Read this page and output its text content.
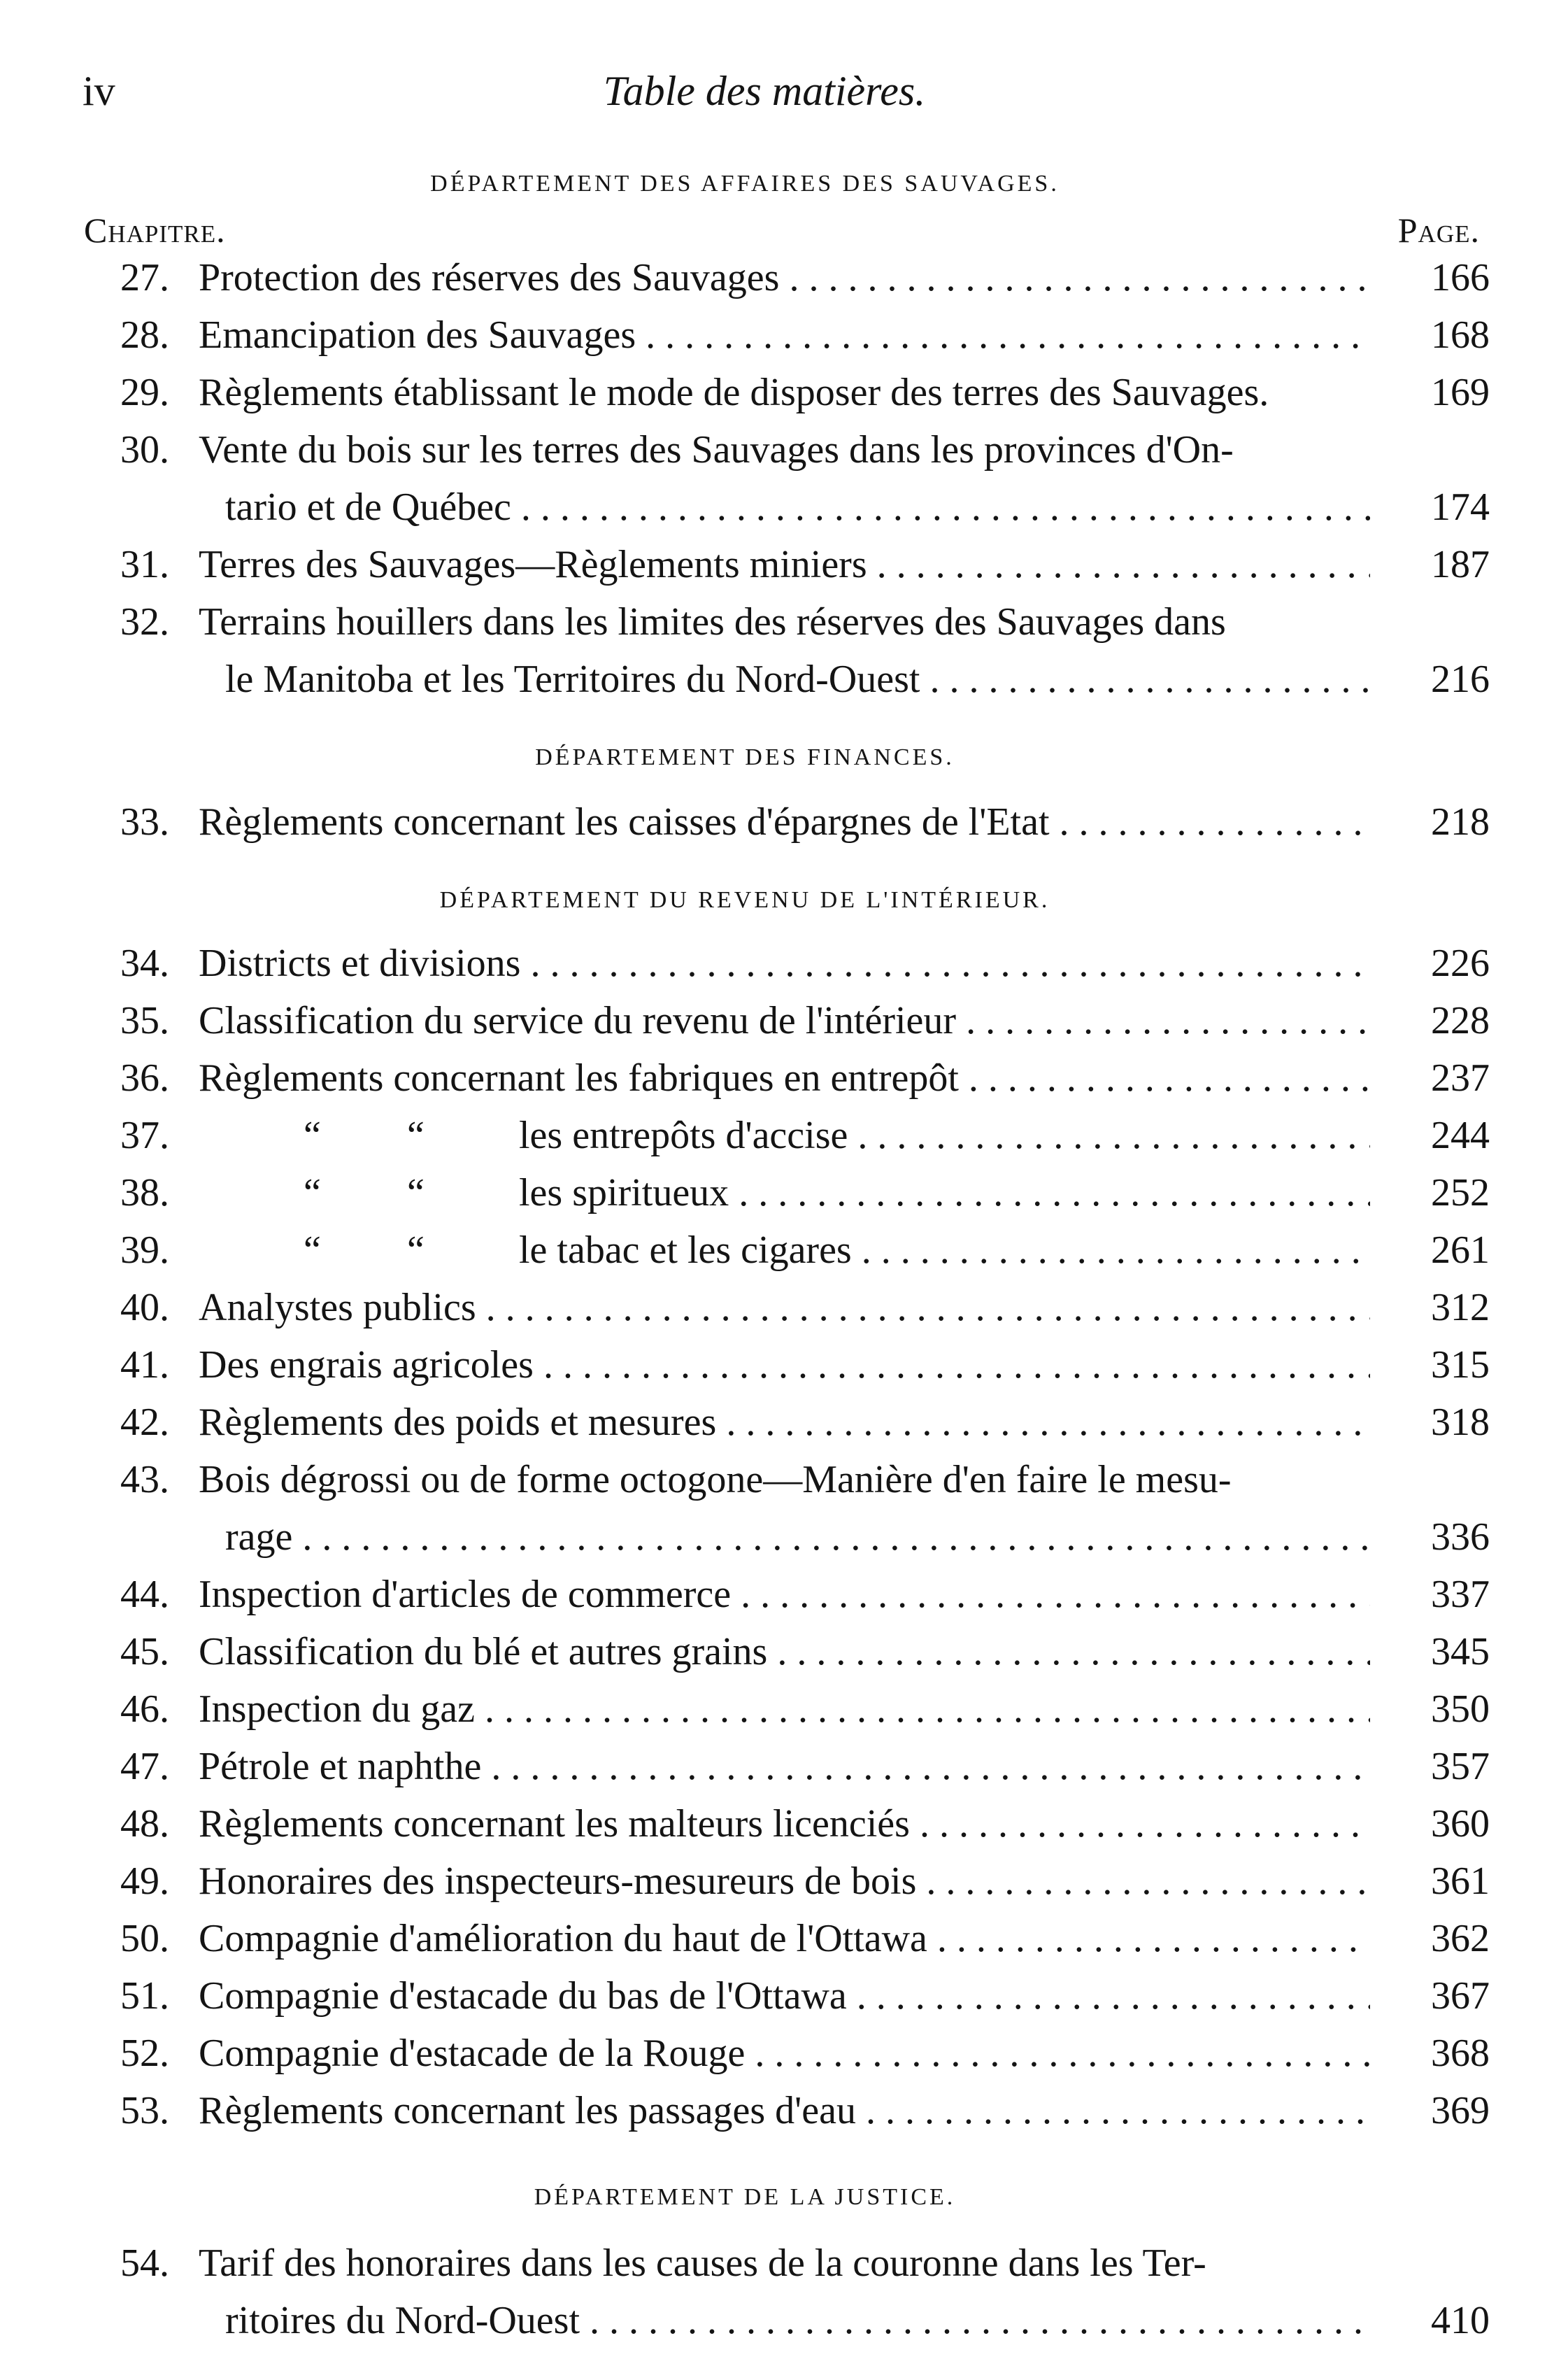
iv	Table des matières.
DÉPARTEMENT DES AFFAIRES DES SAUVAGES.
Chapitre.	Page.
27. Protection des réserves des Sauvages . . .	166
28. Emancipation des Sauvages . . .	168
29. Règlements établissant le mode de disposer des terres des Sauvages.	169
30. Vente du bois sur les terres des Sauvages dans les provinces d'On-
tario et de Québec . . .	174
31. Terres des Sauvages—Règlements miniers . . .	187
32. Terrains houillers dans les limites des réserves des Sauvages dans
le Manitoba et les Territoires du Nord-Ouest . . .	216
DÉPARTEMENT DES FINANCES.
33. Règlements concernant les caisses d'épargnes de l'Etat . . .	218
DÉPARTEMENT DU REVENU DE L'INTÉRIEUR.
34. Districts et divisions . . .	226
35. Classification du service du revenu de l'intérieur . . .	228
36. Règlements concernant les fabriques en entrepôt . . .	237
37.	“ “ les entrepôts d'accise . . .	244
38.	“ “ les spiritueux . . .	252
39.	“ “ le tabac et les cigares . . .	261
40. Analystes publics . . .	312
41. Des engrais agricoles . . .	315
42. Règlements des poids et mesures . . .	318
43. Bois dégrossi ou de forme octogone—Manière d'en faire le mesu-
rage . . .	336
44. Inspection d'articles de commerce . . .	337
45. Classification du blé et autres grains . . .	345
46. Inspection du gaz . . .	350
47. Pétrole et naphthe . . .	357
48. Règlements concernant les malteurs licenciés . . .	360
49. Honoraires des inspecteurs-mesureurs de bois . . .	361
50. Compagnie d'amélioration du haut de l'Ottawa . . .	362
51. Compagnie d'estacade du bas de l'Ottawa . . .	367
52. Compagnie d'estacade de la Rouge . . .	368
53. Règlements concernant les passages d'eau . . .	369
DÉPARTEMENT DE LA JUSTICE.
54. Tarif des honoraires dans les causes de la couronne dans les Ter-
ritoires du Nord-Ouest . . .	410
